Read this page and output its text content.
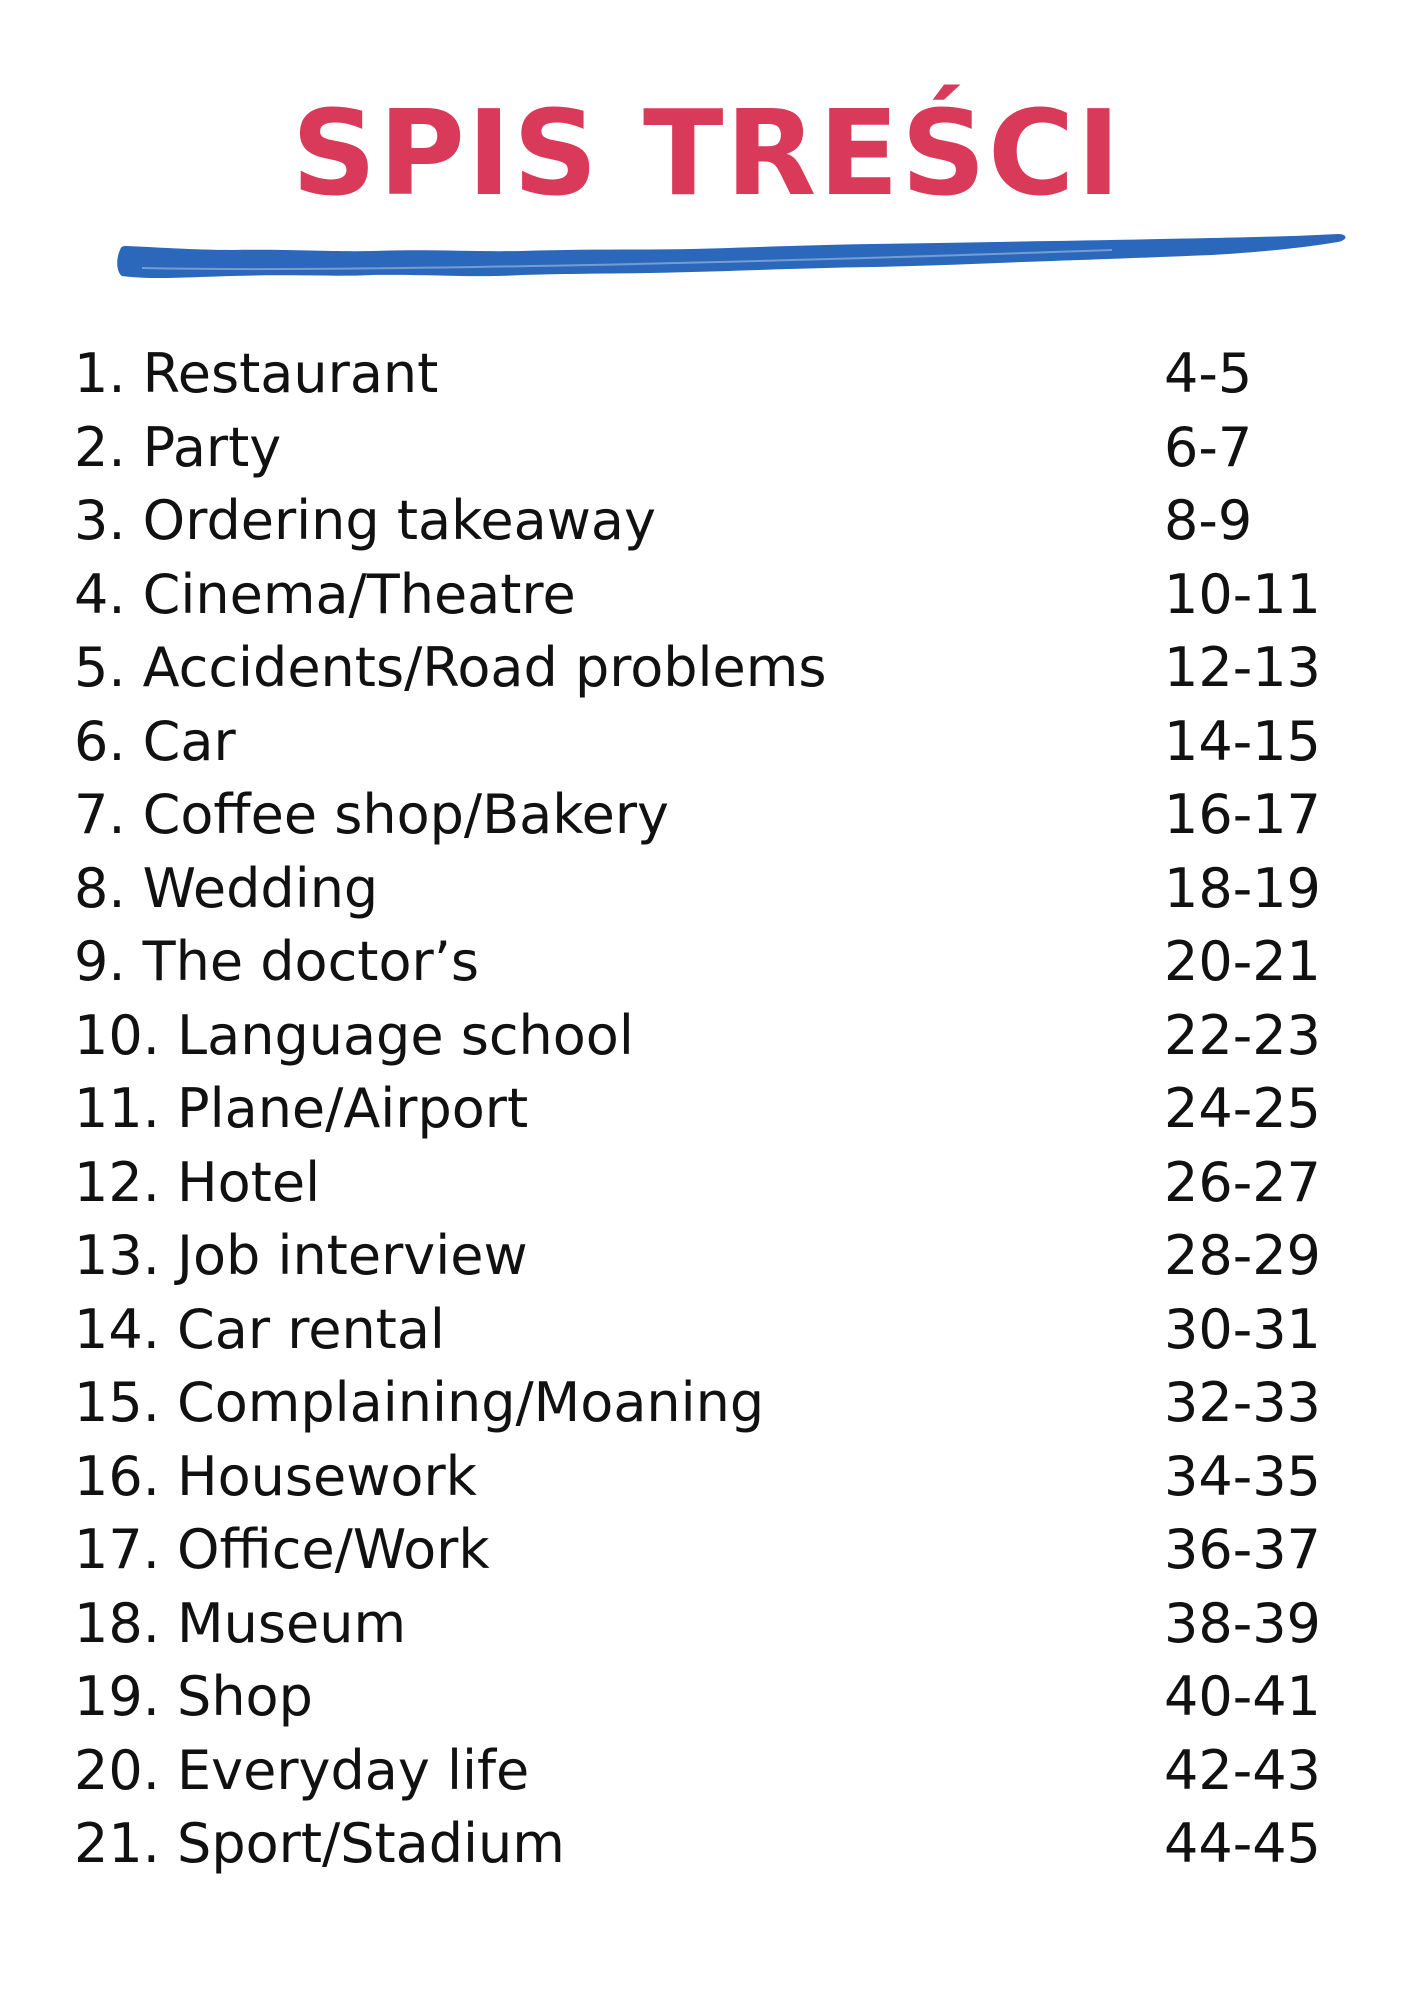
SPIS TREŚCI
1. Restaurant	4-5
2. Party	6-7
3. Ordering takeaway	8-9
4. Cinema/Theatre	10-11
5. Accidents/Road problems	12-13
6. Car	14-15
7. Coffee shop/Bakery	16-17
8. Wedding	18-19
9. The doctor’s	20-21
10. Language school	22-23
11. Plane/Airport	24-25
12. Hotel	26-27
13. Job interview	28-29
14. Car rental	30-31
15. Complaining/Moaning	32-33
16. Housework	34-35
17. Office/Work	36-37
18. Museum	38-39
19. Shop	40-41
20. Everyday life	42-43
21. Sport/Stadium	44-45
